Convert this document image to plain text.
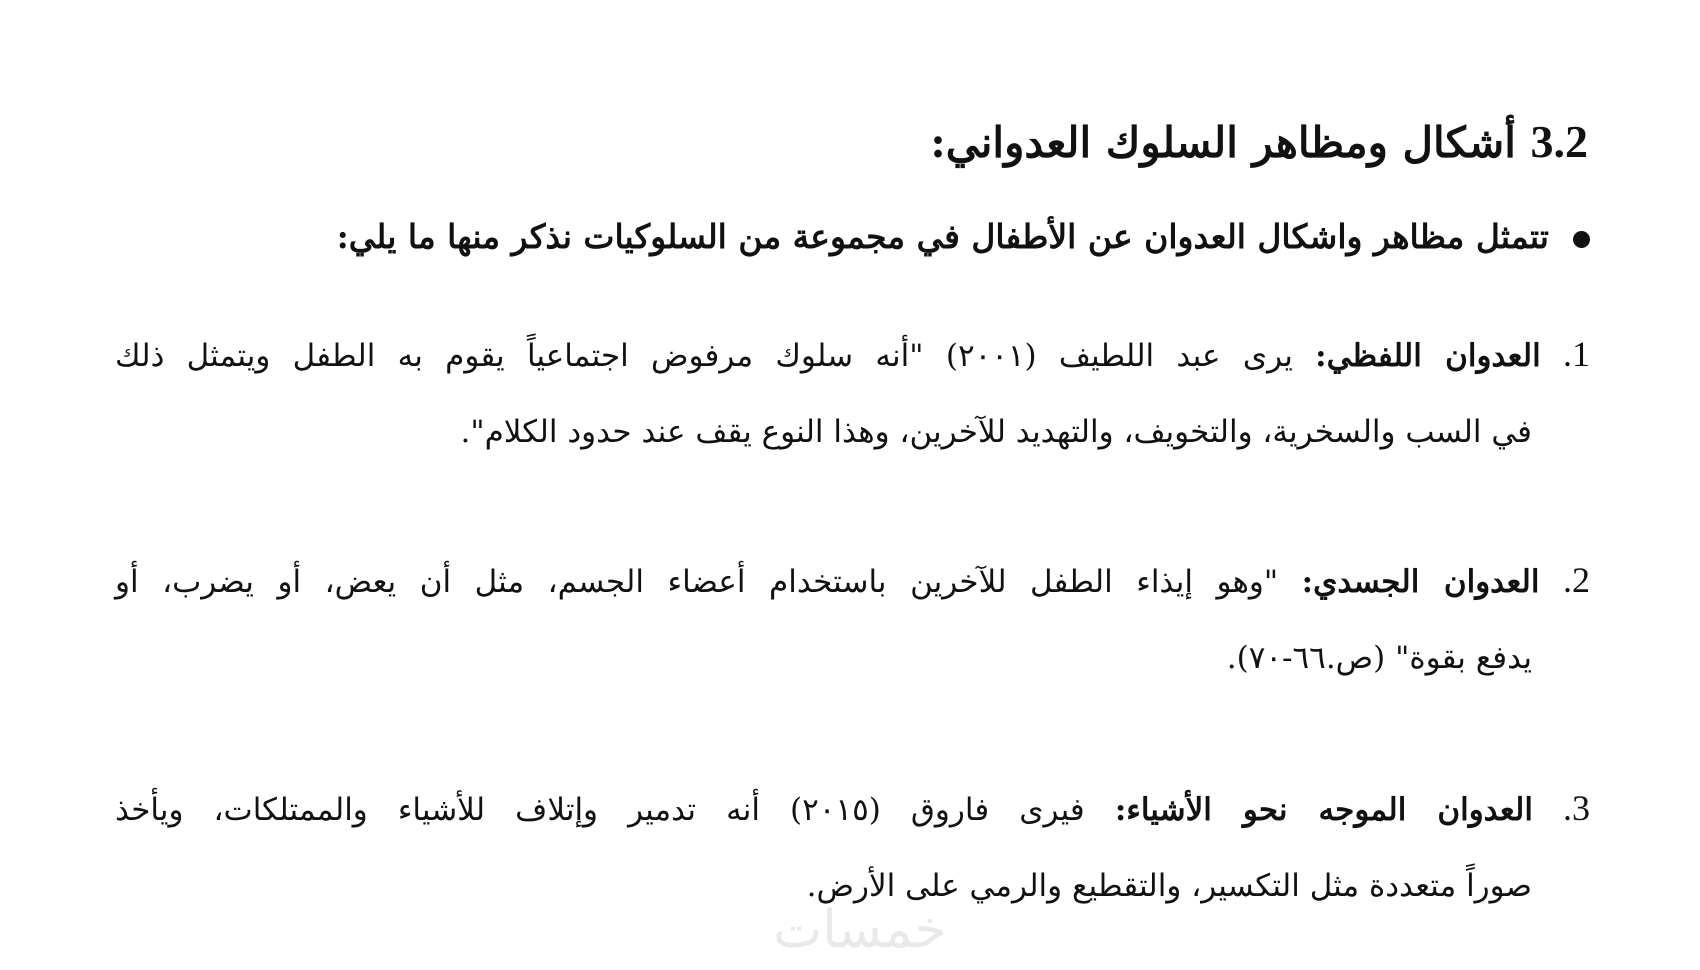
3.2 أشكال ومظاهر السلوك العدواني:
تتمثل مظاهر واشكال العدوان عن الأطفال في مجموعة من السلوكيات نذكر منها ما يلي:
1. العدوان اللفظي: يرى عبد اللطيف (٢٠٠١) "أنه سلوك مرفوض اجتماعياً يقوم به الطفل ويتمثل ذلك
في السب والسخرية، والتخويف، والتهديد للآخرين، وهذا النوع يقف عند حدود الكلام".
2. العدوان الجسدي: "وهو إيذاء الطفل للآخرين باستخدام أعضاء الجسم، مثل أن يعض، أو يضرب، أو
يدفع بقوة" (ص.٦٦-٧٠).
3. العدوان الموجه نحو الأشياء: فيرى فاروق (٢٠١٥) أنه تدمير وإتلاف للأشياء والممتلكات، ويأخذ
صوراً متعددة مثل التكسير، والتقطيع والرمي على الأرض.
خمسات
